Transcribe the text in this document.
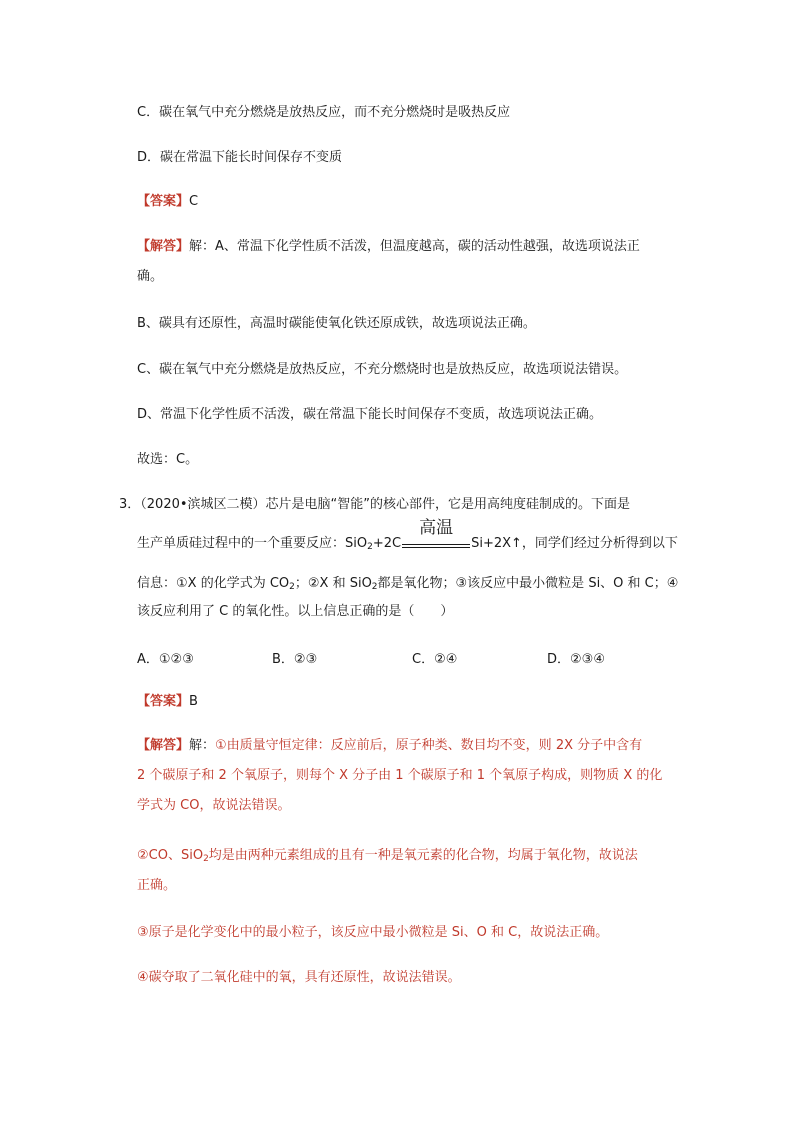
C．碳在氧气中充分燃烧是放热反应，而不充分燃烧时是吸热反应
D．碳在常温下能长时间保存不变质
【答案】C
【解答】解：A、常温下化学性质不活泼，但温度越高，碳的活动性越强，故选项说法正
确。
B、碳具有还原性，高温时碳能使氧化铁还原成铁，故选项说法正确。
C、碳在氧气中充分燃烧是放热反应，不充分燃烧时也是放热反应，故选项说法错误。
D、常温下化学性质不活泼，碳在常温下能长时间保存不变质，故选项说法正确。
故选：C。
3．（2020•滨城区二模）芯片是电脑“智能”的核心部件，它是用高纯度硅制成的。下面是
生产单质硅过程中的一个重要反应：SiO$_2$+2C
高温
Si+2X↑，同学们经过分析得到以下
信息：①X 的化学式为 $CO_2$；②X 和 SiO$_2$都是氧化物；③该反应中最小微粒是 Si、O 和 C；④
该反应利用了 C 的氧化性。以上信息正确的是（　　）
A．①②③	B．②③	C．②④	D．②③④
【答案】B
【解答】解：①由质量守恒定律：反应前后，原子种类、数目均不变，则 2X 分子中含有
2 个碳原子和 2 个氧原子，则每个 X 分子由 1 个碳原子和 1 个氧原子构成，则物质 X 的化
学式为 CO，故说法错误。
②CO、SiO$_2$均是由两种元素组成的且有一种是氧元素的化合物，均属于氧化物，故说法
正确。
③原子是化学变化中的最小粒子，该反应中最小微粒是 Si、O 和 C，故说法正确。
④碳夺取了二氧化硅中的氧，具有还原性，故说法错误。
